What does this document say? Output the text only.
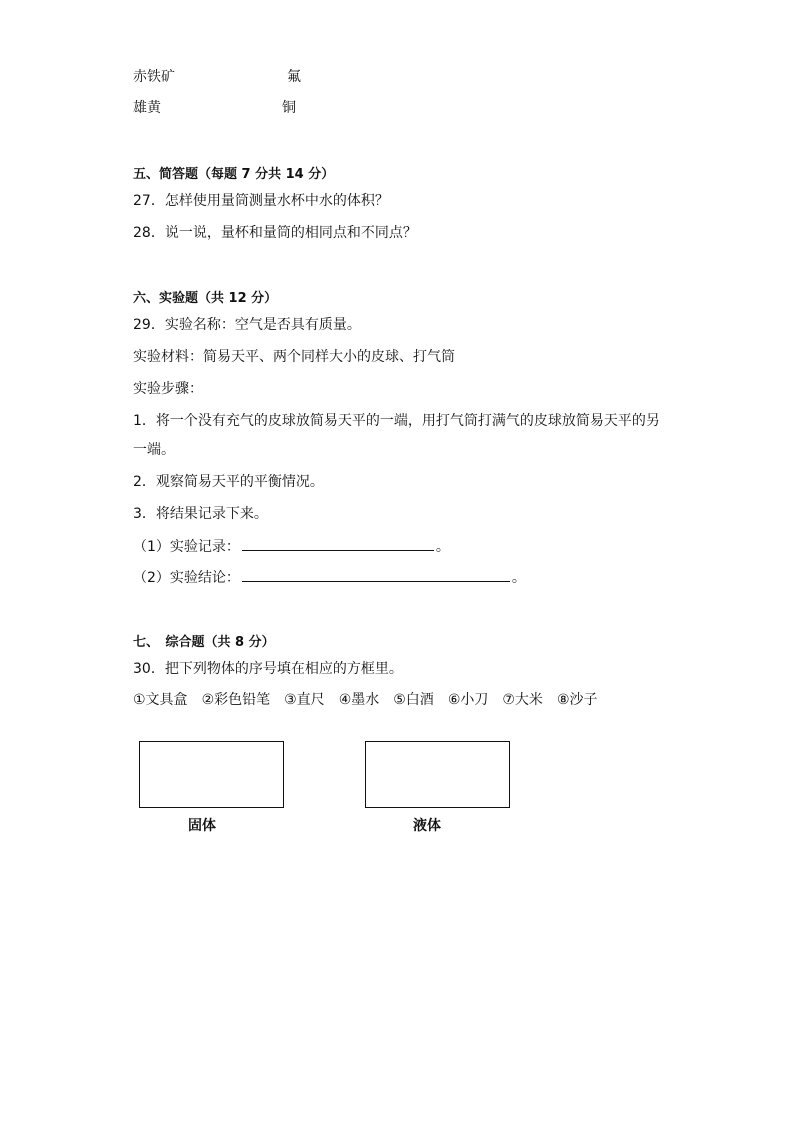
赤铁矿	氟
雄黄	铜
五、简答题（每题 7 分共 14 分）
27．怎样使用量筒测量水杯中水的体积？
28．说一说，量杯和量筒的相同点和不同点？
六、实验题（共 12 分）
29．实验名称：空气是否具有质量。
实验材料：简易天平、两个同样大小的皮球、打气筒
实验步骤：
1．将一个没有充气的皮球放简易天平的一端，用打气筒打满气的皮球放简易天平的另
一端。
2．观察简易天平的平衡情况。
3．将结果记录下来。
（1）实验记录：	。
（2）实验结论：	。
七、　综合题（共 8 分）
30．把下列物体的序号填在相应的方框里。
①文具盒 ②彩色铅笔 ③直尺 ④墨水 ⑤白酒 ⑥小刀 ⑦大米 ⑧沙子
固体	液体
